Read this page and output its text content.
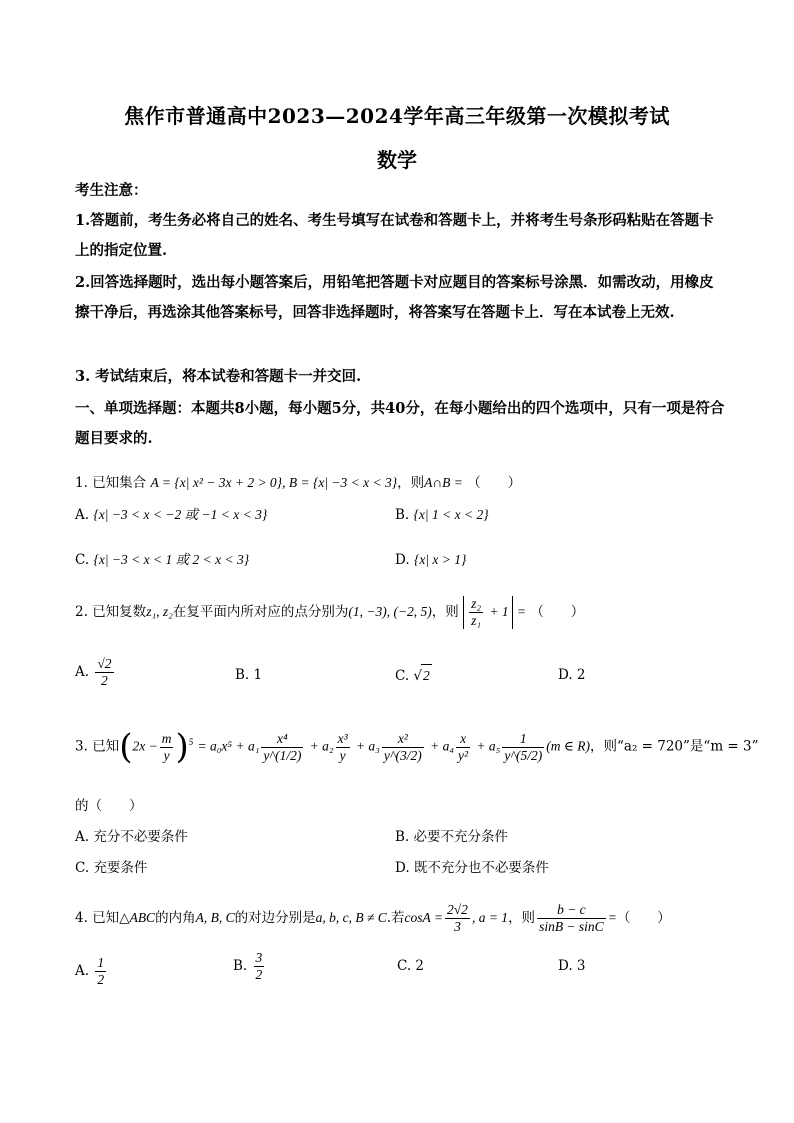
焦作市普通高中2023—2024学年高三年级第一次模拟考试
数学
考生注意：
1.答题前，考生务必将自己的姓名、考生号填写在试卷和答题卡上，并将考生号条形码粘贴在答题卡上的指定位置.
2.回答选择题时，选出每小题答案后，用铅笔把答题卡对应题目的答案标号涂黑．如需改动，用橡皮擦干净后，再选涂其他答案标号，回答非选择题时，将答案写在答题卡上．写在本试卷上无效.
3. 考试结束后，将本试卷和答题卡一并交回.
一、单项选择题：本题共8小题，每小题5分，共40分，在每小题给出的四个选项中，只有一项是符合题目要求的.
1. 已知集合 A = {x| x² − 3x + 2 > 0}, B = {x| −3 < x < 3}，则A∩B = （　　）
A. {x| −3 < x < −2 或 −1 < x < 3}	B. {x| 1 < x < 2}
C. {x| −3 < x < 1 或 2 < x < 3}	D. {x| x > 1}
2. 已知复数z₁, z₂在复平面内所对应的点分别为(1, −3), (−2, 5)，则 $\frac{\text{z₂}}{\text{z₁}} + 1$ = （　　）
A. $\frac{√2}{2}$	B. 1	C. √2	D. 2
3. 已知$(2x - \frac{m}{y} )^5 = a_0x^5 + a_1 \frac{\text{x⁴}}{y\^{}(1/2)} + a_2 \frac{\text{x³}}{y} + a_3 \frac{\text{x²}}{y\^{}(3/2)} + a_4 \frac{x}{\text{y²}} + a_5 \frac{1}{y\^{}(5/2)} (m$ ∈ R)，则“a₂ = 720”是“m = 3”
的（　　）
A. 充分不必要条件	B. 必要不充分条件
C. 充要条件	D. 既不充分也不必要条件
4. 已知△ABC的内角A, B, C的对边分别是a, b, c, B ≠ C.若$\cos A = \frac{2√2}{3}$ , a = 1，则 $\frac{b - c}{\sin B - \sin C}$ =（　　）
A. $\frac{1}{2}$	B. $\frac{3}{2}$	C. 2	D. 3
